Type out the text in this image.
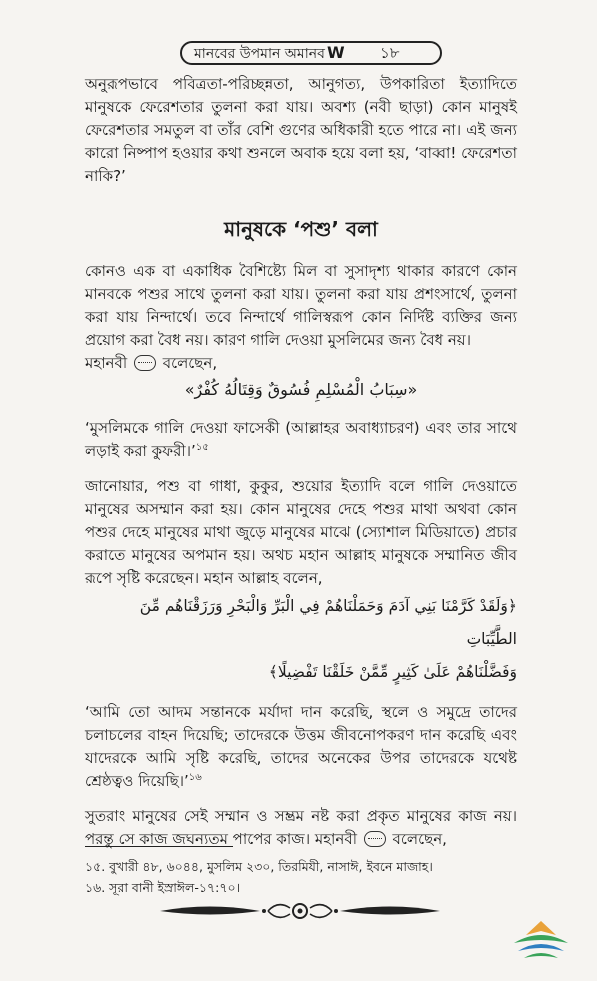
মানবের উপমান অমানব W ১৮

অনুরূপভাবে পবিত্রতা-পরিচ্ছন্নতা, আনুগত্য, উপকারিতা ইত্যাদিতে মানুষকে ফেরেশতার তুলনা করা যায়। অবশ্য (নবী ছাড়া) কোন মানুষই ফেরেশতার সমতুল বা তাঁর বেশি গুণের অধিকারী হতে পারে না। এই জন্য কারো নিষ্পাপ হওয়ার কথা শুনলে অবাক হয়ে বলা হয়, ‘বাব্বা! ফেরেশতা নাকি?’

মানুষকে ‘পশু’ বলা

কোনও এক বা একাধিক বৈশিষ্ট্যে মিল বা সুসাদৃশ্য থাকার কারণে কোন মানবকে পশুর সাথে তুলনা করা যায়। তুলনা করা যায় প্রশংসার্থে, তুলনা করা যায় নিন্দার্থে। তবে নিন্দার্থে গালিস্বরূপ কোন নির্দিষ্ট ব্যক্তির জন্য প্রয়োগ করা বৈধ নয়। কারণ গালি দেওয়া মুসলিমের জন্য বৈধ নয়।

মহানবী বলেছেন,

«سِبَابُ الْمُسْلِمِ فُسُوقٌ وَقِتَالُهُ كُفْرٌ»

‘মুসলিমকে গালি দেওয়া ফাসেকী (আল্লাহর অবাধ্যাচরণ) এবং তার সাথে লড়াই করা কুফরী।’$^{১৫}$

জানোয়ার, পশু বা গাধা, কুকুর, শুয়োর ইত্যাদি বলে গালি দেওয়াতে মানুষের অসম্মান করা হয়। কোন মানুষের দেহে পশুর মাথা অথবা কোন পশুর দেহে মানুষের মাথা জুড়ে মানুষের মাঝে (স্যোশাল মিডিয়াতে) প্রচার করাতে মানুষের অপমান হয়। অথচ মহান আল্লাহ মানুষকে সম্মানিত জীব রূপে সৃষ্টি করেছেন। মহান আল্লাহ বলেন,

﴿وَلَقَدْ كَرَّمْنَا بَنِي آدَمَ وَحَمَلْنَاهُمْ فِي الْبَرِّ وَالْبَحْرِ وَرَزَقْنَاهُم مِّنَ الطَّيِّبَاتِ

وَفَضَّلْنَاهُمْ عَلَىٰ كَثِيرٍ مِّمَّنْ خَلَقْنَا تَفْضِيلًا﴾

‘আমি তো আদম সন্তানকে মর্যাদা দান করেছি, স্থলে ও সমুদ্রে তাদের চলাচলের বাহন দিয়েছি; তাদেরকে উত্তম জীবনোপকরণ দান করেছি এবং যাদেরকে আমি সৃষ্টি করেছি, তাদের অনেকের উপর তাদেরকে যথেষ্ট শ্রেষ্ঠত্বও দিয়েছি।’$^{১৬}$

সুতরাং মানুষের সেই সম্মান ও সম্ভ্রম নষ্ট করা প্রকৃত মানুষের কাজ নয়। পরন্তু সে কাজ জঘন্যতম পাপের কাজ। মহানবী বলেছেন,

১৫. বুখারী ৪৮, ৬০৪৪, মুসলিম ২৩০, তিরমিযী, নাসাঈ, ইবনে মাজাহ।

১৬. সূরা বানী ইস্রাঈল-১৭:৭০।
